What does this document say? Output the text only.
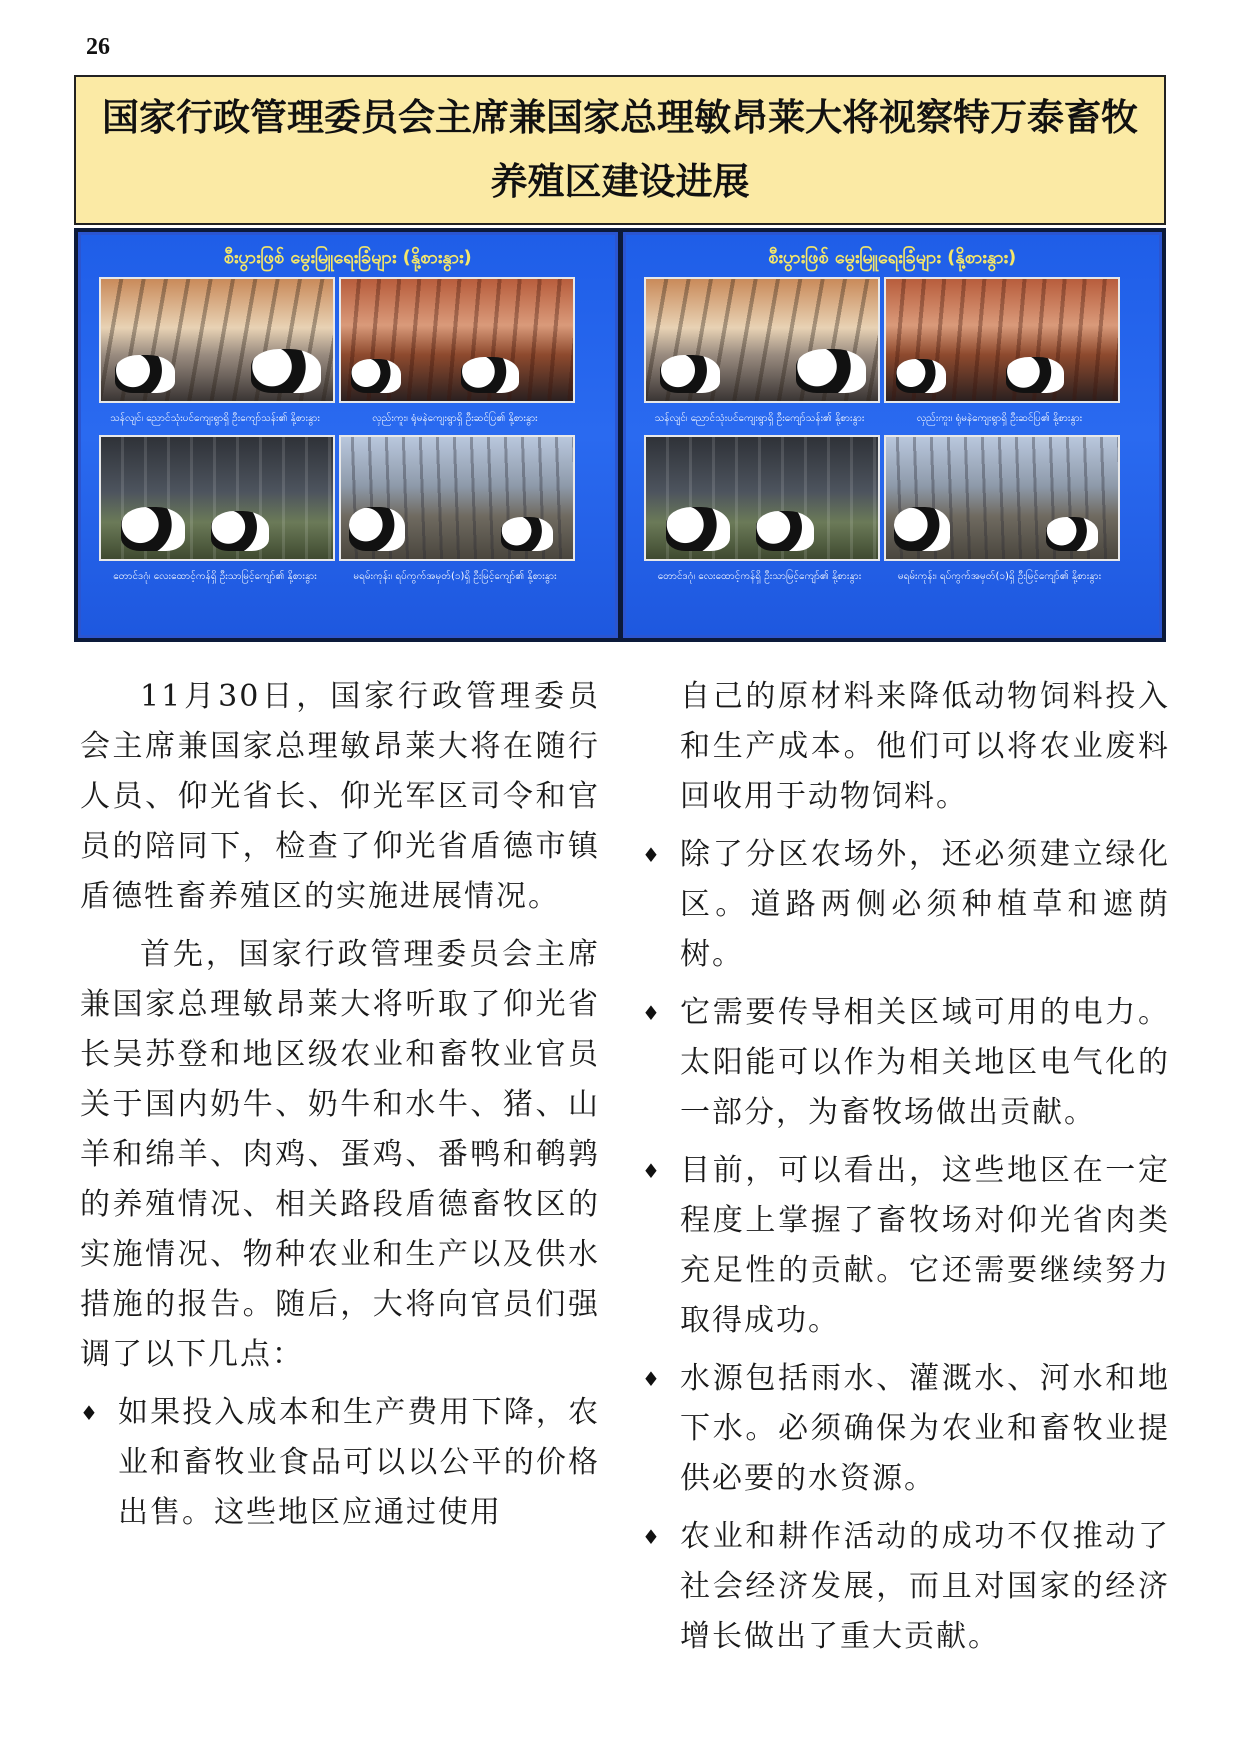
26
国家行政管理委员会主席兼国家总理敏昂莱大将视察特万泰畜牧
养殖区建设进展
စီးပွားဖြစ် မွေးမြူရေးခြံများ (နို့စားနွား)
သန်လျင်၊ ညောင်သုံးပင်ကျေးရွာရှိ ဦးကျော်သန်း၏ နို့စားနွား	လှည်းကူး၊ ရုံမနဲကျေးရွာရှိ ဦးဆင်ပြ၏ နို့စားနွား
တောင်ဒဂုံ၊ လေးထောင့်ကန်ရှိ ဦးသာမြင့်ကျော်၏ နို့စားနွား	မရမ်းကုန်း၊ ရပ်ကွက်အမှတ်(၁)ရှိ ဦးမြင့်ကျော်၏ နို့စားနွား
စီးပွားဖြစ် မွေးမြူရေးခြံများ (နို့စားနွား)
သန်လျင်၊ ညောင်သုံးပင်ကျေးရွာရှိ ဦးကျော်သန်း၏ နို့စားနွား	လှည်းကူး၊ ရုံမနဲကျေးရွာရှိ ဦးဆင်ပြ၏ နို့စားနွား
တောင်ဒဂုံ၊ လေးထောင့်ကန်ရှိ ဦးသာမြင့်ကျော်၏ နို့စားနွား	မရမ်းကုန်း၊ ရပ်ကွက်အမှတ်(၁)ရှိ ဦးမြင့်ကျော်၏ နို့စားနွား

11月30日，国家行政管理委员会主席兼国家总理敏昂莱大将在随行人员、仰光省长、仰光军区司令和官员的陪同下，检查了仰光省盾德市镇盾德牲畜养殖区的实施进展情况。

首先，国家行政管理委员会主席兼国家总理敏昂莱大将听取了仰光省长吴苏登和地区级农业和畜牧业官员关于国内奶牛、奶牛和水牛、猪、山羊和绵羊、肉鸡、蛋鸡、番鸭和鹌鹑的养殖情况、相关路段盾德畜牧区的实施情况、物种农业和生产以及供水措施的报告。随后，大将向官员们强调了以下几点：

♦ 如果投入成本和生产费用下降，农业和畜牧业食品可以以公平的价格出售。这些地区应通过使用

自己的原材料来降低动物饲料投入和生产成本。他们可以将农业废料回收用于动物饲料。

♦ 除了分区农场外，还必须建立绿化区。道路两侧必须种植草和遮荫树。
♦ 它需要传导相关区域可用的电力。太阳能可以作为相关地区电气化的一部分，为畜牧场做出贡献。
♦ 目前，可以看出，这些地区在一定程度上掌握了畜牧场对仰光省肉类充足性的贡献。它还需要继续努力取得成功。
♦ 水源包括雨水、灌溉水、河水和地下水。必须确保为农业和畜牧业提供必要的水资源。
♦ 农业和耕作活动的成功不仅推动了社会经济发展，而且对国家的经济增长做出了重大贡献。
